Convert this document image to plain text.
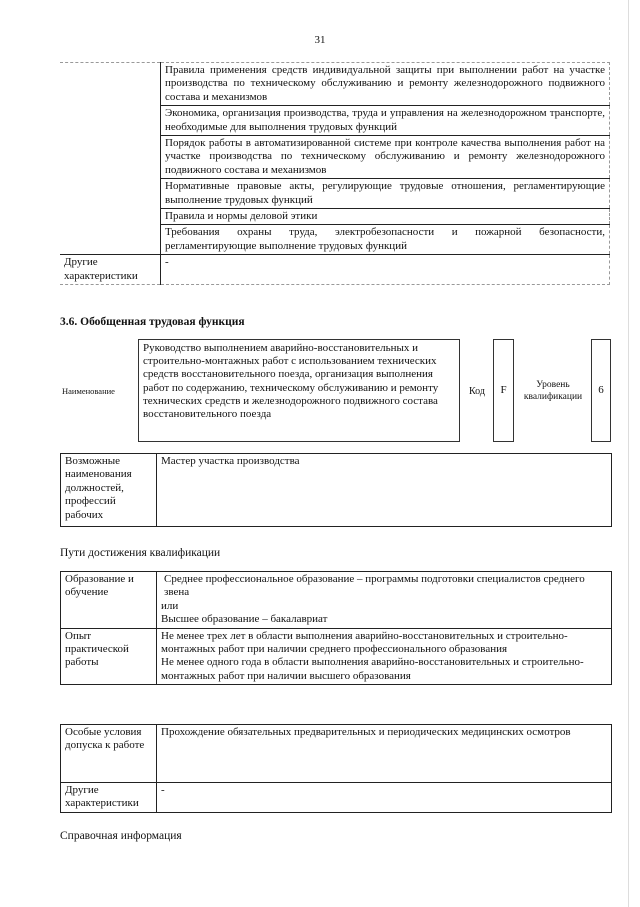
31
	Правила применения средств индивидуальной защиты при выполнении работ на участке производства по техническому обслуживанию и ремонту железнодорожного подвижного состава и механизмов
	Экономика, организация производства, труда и управления на железнодорожном транспорте, необходимые для выполнения трудовых функций
	Порядок работы в автоматизированной системе при контроле качества выполнения работ на участке производства по техническому обслуживанию и ремонту железнодорожного подвижного состава и механизмов
	Нормативные правовые акты, регулирующие трудовые отношения, регламентирующие выполнение трудовых функций
	Правила и нормы деловой этики
	Требования охраны труда, электробезопасности и пожарной безопасности, регламентирующие выполнение трудовых функций
Другие характеристики	-
3.6. Обобщенная трудовая функция
Наименование
Руководство выполнением аварийно-восстановительных и строительно-монтажных работ с использованием технических средств восстановительного поезда, организация выполнения работ по содержанию, техническому обслуживанию и ремонту технических средств и железнодорожного подвижного состава восстановительного поезда
Код F	Уровень квалификации
6
Возможные наименования должностей, профессий рабочих	Мастер участка производства
Пути достижения квалификации
Образование и обучение	Среднее профессиональное образование – программы подготовки специалистов среднего звена
или
Высшее образование – бакалавриат

Опыт практической работы	Не менее трех лет в области выполнения аварийно-восстановительных и строительно-монтажных работ при наличии среднего профессионального образования
Не менее одного года в области выполнения аварийно-восстановительных и строительно-монтажных работ при наличии высшего образования
Особые условия допуска к работе	Прохождение обязательных предварительных и периодических медицинских осмотров
Другие характеристики	-
Справочная информация
